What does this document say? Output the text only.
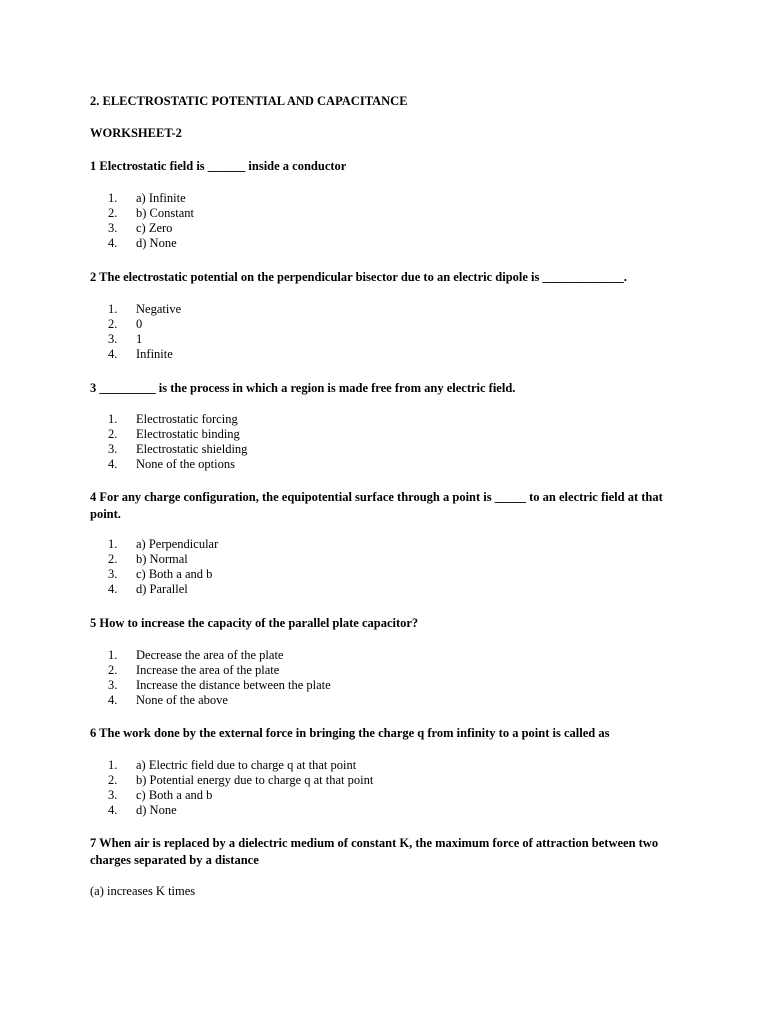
2. ELECTROSTATIC POTENTIAL AND CAPACITANCE
WORKSHEET-2
1 Electrostatic field is ______ inside a conductor
1. a) Infinite
2. b) Constant
3. c) Zero
4. d) None
2 The electrostatic potential on the perpendicular bisector due to an electric dipole is _____________.
1. Negative
2. 0
3. 1
4. Infinite
3 _________ is the process in which a region is made free from any electric field.
1. Electrostatic forcing
2. Electrostatic binding
3. Electrostatic shielding
4. None of the options
4 For any charge configuration, the equipotential surface through a point is _____ to an electric field at that point.
1. a) Perpendicular
2. b) Normal
3. c) Both a and b
4. d) Parallel
5 How to increase the capacity of the parallel plate capacitor?
1. Decrease the area of the plate
2. Increase the area of the plate
3. Increase the distance between the plate
4. None of the above
6 The work done by the external force in bringing the charge q from infinity to a point is called as
1. a) Electric field due to charge q at that point
2. b) Potential energy due to charge q at that point
3. c) Both a and b
4. d) None
7 When air is replaced by a dielectric medium of constant K, the maximum force of attraction between two charges separated by a distance
(a) increases K times
